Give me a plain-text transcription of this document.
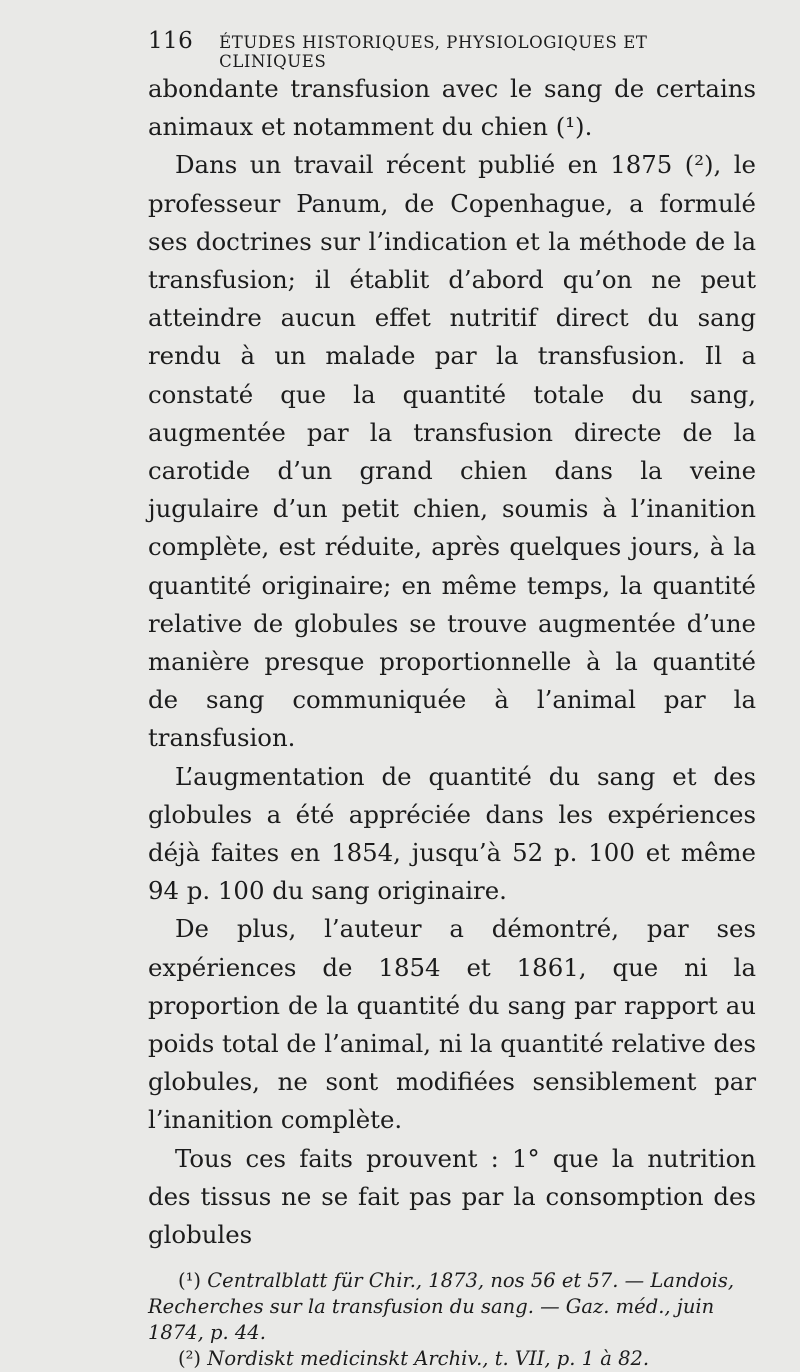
116 ÉTUDES HISTORIQUES, PHYSIOLOGIQUES ET CLINIQUES

abondante transfusion avec le sang de certains animaux et notamment du chien (¹).

Dans un travail récent publié en 1875 (²), le professeur Panum, de Copenhague, a formulé ses doctrines sur l’indication et la méthode de la transfusion; il établit d’abord qu’on ne peut atteindre aucun effet nutritif direct du sang rendu à un malade par la transfusion. Il a constaté que la quantité totale du sang, augmentée par la transfusion directe de la carotide d’un grand chien dans la veine jugulaire d’un petit chien, soumis à l’inanition complète, est réduite, après quelques jours, à la quantité originaire; en même temps, la quantité relative de globules se trouve augmentée d’une manière presque proportionnelle à la quantité de sang communiquée à l’animal par la transfusion.

L’augmentation de quantité du sang et des globules a été appréciée dans les expériences déjà faites en 1854, jusqu’à 52 p. 100 et même 94 p. 100 du sang originaire.

De plus, l’auteur a démontré, par ses expériences de 1854 et 1861, que ni la proportion de la quantité du sang par rapport au poids total de l’animal, ni la quantité relative des globules, ne sont modifiées sensiblement par l’inanition complète.

Tous ces faits prouvent : 1° que la nutrition des tissus ne se fait pas par la consomption des globules

(¹) Centralblatt für Chir., 1873, nos 56 et 57. — Landois, Recherches sur la transfusion du sang. — Gaz. méd., juin 1874, p. 44.

(²) Nordiskt medicinskt Archiv., t. VII, p. 1 à 82.
